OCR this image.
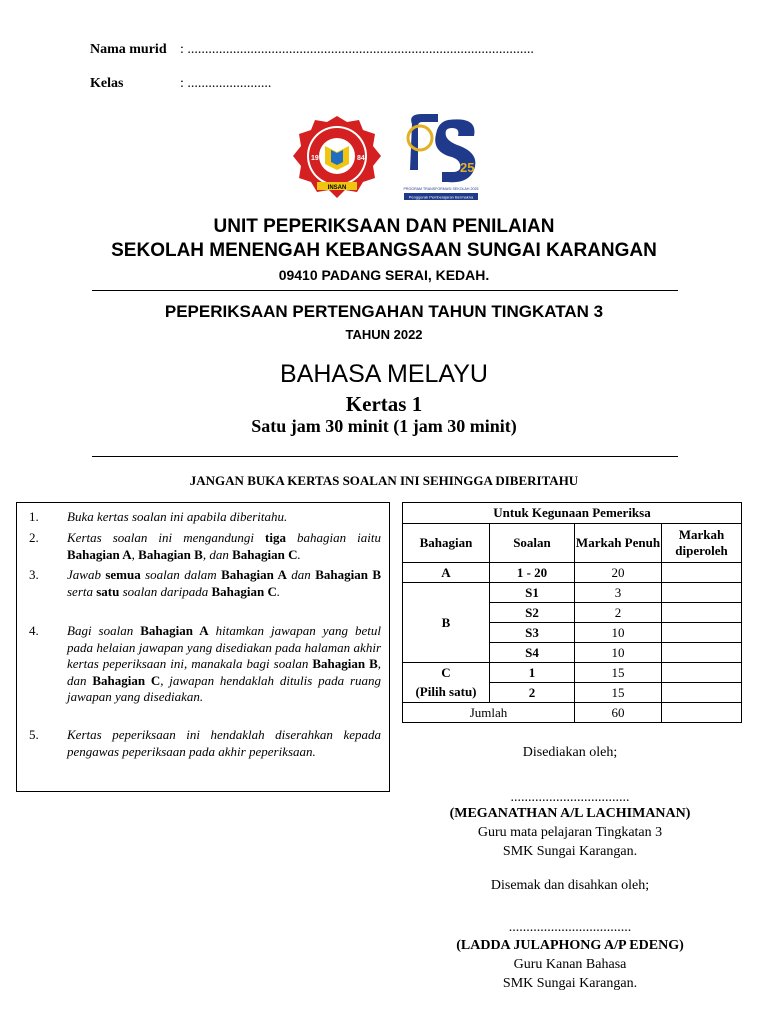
Nama murid : ...................................................................................................
Kelas	: ........................
INSAN
19	84
25
PROGRAM TRANSFORMASI SEKOLAH 2025
Penggerak Pembelajaran Bermakna
UNIT PEPERIKSAAN DAN PENILAIAN
SEKOLAH MENENGAH KEBANGSAAN SUNGAI KARANGAN
09410 PADANG SERAI, KEDAH.
PEPERIKSAAN PERTENGAHAN TAHUN TINGKATAN 3
TAHUN 2022
BAHASA MELAYU
Kertas 1
Satu jam 30 minit (1 jam 30 minit)
JANGAN BUKA KERTAS SOALAN INI SEHINGGA DIBERITAHU
1. Buka kertas soalan ini apabila diberitahu.
2. Kertas soalan ini mengandungi tiga bahagian iaitu Bahagian A, Bahagian B, dan Bahagian C.
3. Jawab semua soalan dalam Bahagian A dan Bahagian B serta satu soalan daripada Bahagian C.
4. Bagi soalan Bahagian A hitamkan jawapan yang betul pada helaian jawapan yang disediakan pada halaman akhir kertas peperiksaan ini, manakala bagi soalan Bahagian B, dan Bahagian C, jawapan hendaklah ditulis pada ruang jawapan yang disediakan.
5. Kertas peperiksaan ini hendaklah diserahkan kepada pengawas peperiksaan pada akhir peperiksaan.
Untuk Kegunaan Pemeriksa			
Bahagian	Soalan	Markah Penuh	Markah diperoleh
A	1 - 20	20	
B	S1	3	
	S2	2	
	S3	10	
	S4	10	
C	1	15	
(Pilih satu)	2	15	
Jumlah		60	
Disediakan oleh;
..................................
(MEGANATHAN A/L LACHIMANAN)
Guru mata pelajaran Tingkatan 3
SMK Sungai Karangan.
Disemak dan disahkan oleh;
...................................
(LADDA JULAPHONG A/P EDENG)
Guru Kanan Bahasa
SMK Sungai Karangan.
